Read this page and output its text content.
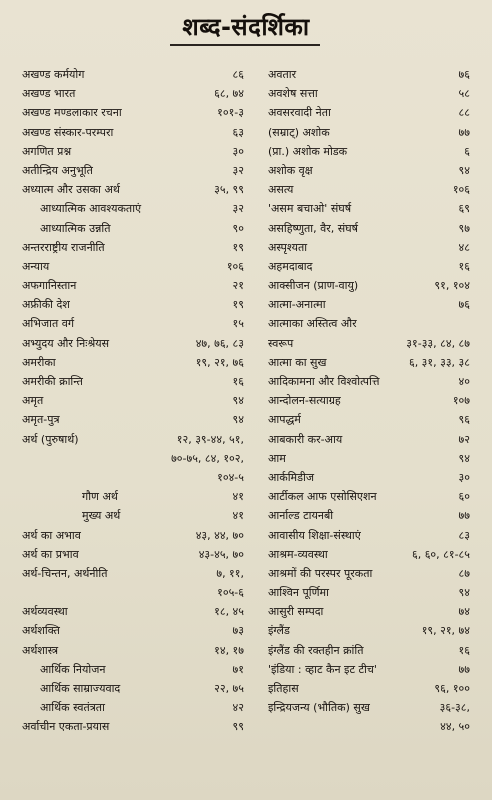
शब्द-संदर्शिका
अखण्ड कर्मयोग	८६
अखण्ड भारत	६८, ७४
अखण्ड मण्डलाकार रचना	१०१-३
अखण्ड संस्कार-परम्परा	६३
अगणित प्रश्न	३०
अतीन्द्रिय अनुभूति	३२
अध्यात्म और उसका अर्थ	३५, ९९
आध्यात्मिक आवश्यकताएं	३२
आध्यात्मिक उन्नति	९०
अन्तरराष्ट्रीय राजनीति	१९
अन्याय	१०६
अफगानिस्तान	२१
अफ्रीकी देश	१९
अभिजात वर्ग	१५
अभ्युदय और निःश्रेयस	४७, ७६, ८३
अमरीका	१९, २१, ७६
अमरीकी क्रान्ति	१६
अमृत	९४
अमृत-पुत्र	९४
अर्थ (पुरुषार्थ)	१२, ३९-४४, ५१,
७०-७५, ८४, १०२,
१०४-५
गौण अर्थ	४१
मुख्य अर्थ	४१
अर्थ का अभाव	४३, ४४, ७०
अर्थ का प्रभाव	४३-४५, ७०
अर्थ-चिन्तन, अर्थनीति	७, ११,
१०५-६
अर्थव्यवस्था	१८, ४५
अर्थशक्ति	७३
अर्थशास्त्र	१४, १७
आर्थिक नियोजन	७१
आर्थिक साम्राज्यवाद	२२, ७५
आर्थिक स्वतंत्रता	४२
अर्वाचीन एकता-प्रयास	९९
अवतार	७६
अवशेष सत्ता	५८
अवसरवादी नेता	८८
(सम्राट्) अशोक	७७
(प्रा.) अशोक मोडक	६
अशोक वृक्ष	९४
असत्य	१०६
'असम बचाओ' संघर्ष	६९
असहिष्णुता, वैर, संघर्ष	९७
अस्पृश्यता	४८
अहमदाबाद	१६
आक्सीजन (प्राण-वायु)	९१, १०४
आत्मा-अनात्मा	७६
आत्माका अस्तित्व और
स्वरूप	३१-३३, ८४, ८७
आत्मा का सुख	६, ३१, ३३, ३८
आदिकामना और विश्वोत्पत्ति	४०
आन्दोलन-सत्याग्रह	१०७
आपद्धर्म	९६
आबकारी कर-आय	७२
आम	९४
आर्कमिडीज	३०
आर्टीकल आफ एसोसिएशन	६०
आर्नाल्ड टायनबी	७७
आवासीय शिक्षा-संस्थाएं	८३
आश्रम-व्यवस्था	६, ६०, ८१-८५
आश्रमों की परस्पर पूरकता	८७
आश्विन पूर्णिमा	९४
आसुरी सम्पदा	७४
इंग्लैंड	१९, २१, ७४
इंग्लैंड की रक्तहीन क्रांति	१६
'इंडिया : व्हाट कैन इट टीच'	७७
इतिहास	९६, १००
इन्द्रियजन्य (भौतिक) सुख	३६-३८,
४४, ५०
